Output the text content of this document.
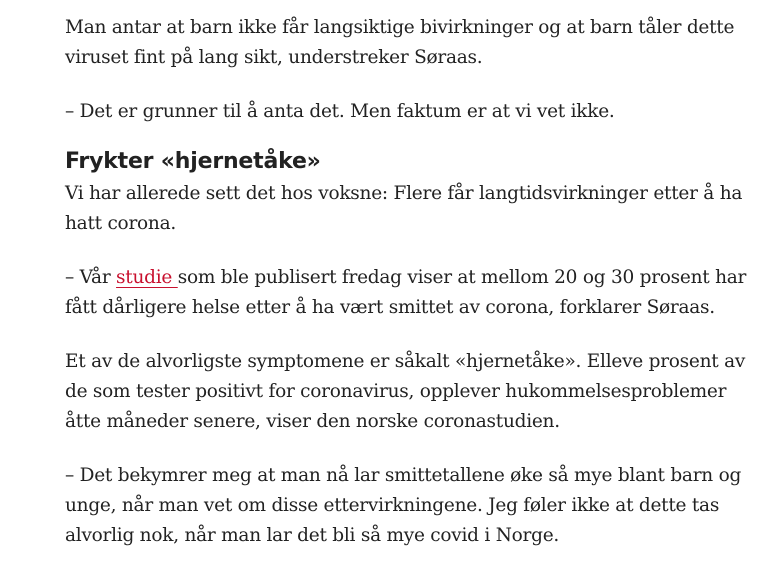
Man antar at barn ikke får langsiktige bivirkninger og at barn tåler dette viruset fint på lang sikt, understreker Søraas.

– Det er grunner til å anta det. Men faktum er at vi vet ikke.

Frykter «hjernetåke»

Vi har allerede sett det hos voksne: Flere får langtidsvirkninger etter å ha hatt corona.

– Vår studie som ble publisert fredag viser at mellom 20 og 30 prosent har fått dårligere helse etter å ha vært smittet av corona, forklarer Søraas.

Et av de alvorligste symptomene er såkalt «hjernetåke». Elleve prosent av de som tester positivt for coronavirus, opplever hukommelsesproblemer åtte måneder senere, viser den norske coronastudien.

– Det bekymrer meg at man nå lar smittetallene øke så mye blant barn og unge, når man vet om disse ettervirkningene. Jeg føler ikke at dette tas alvorlig nok, når man lar det bli så mye covid i Norge.
